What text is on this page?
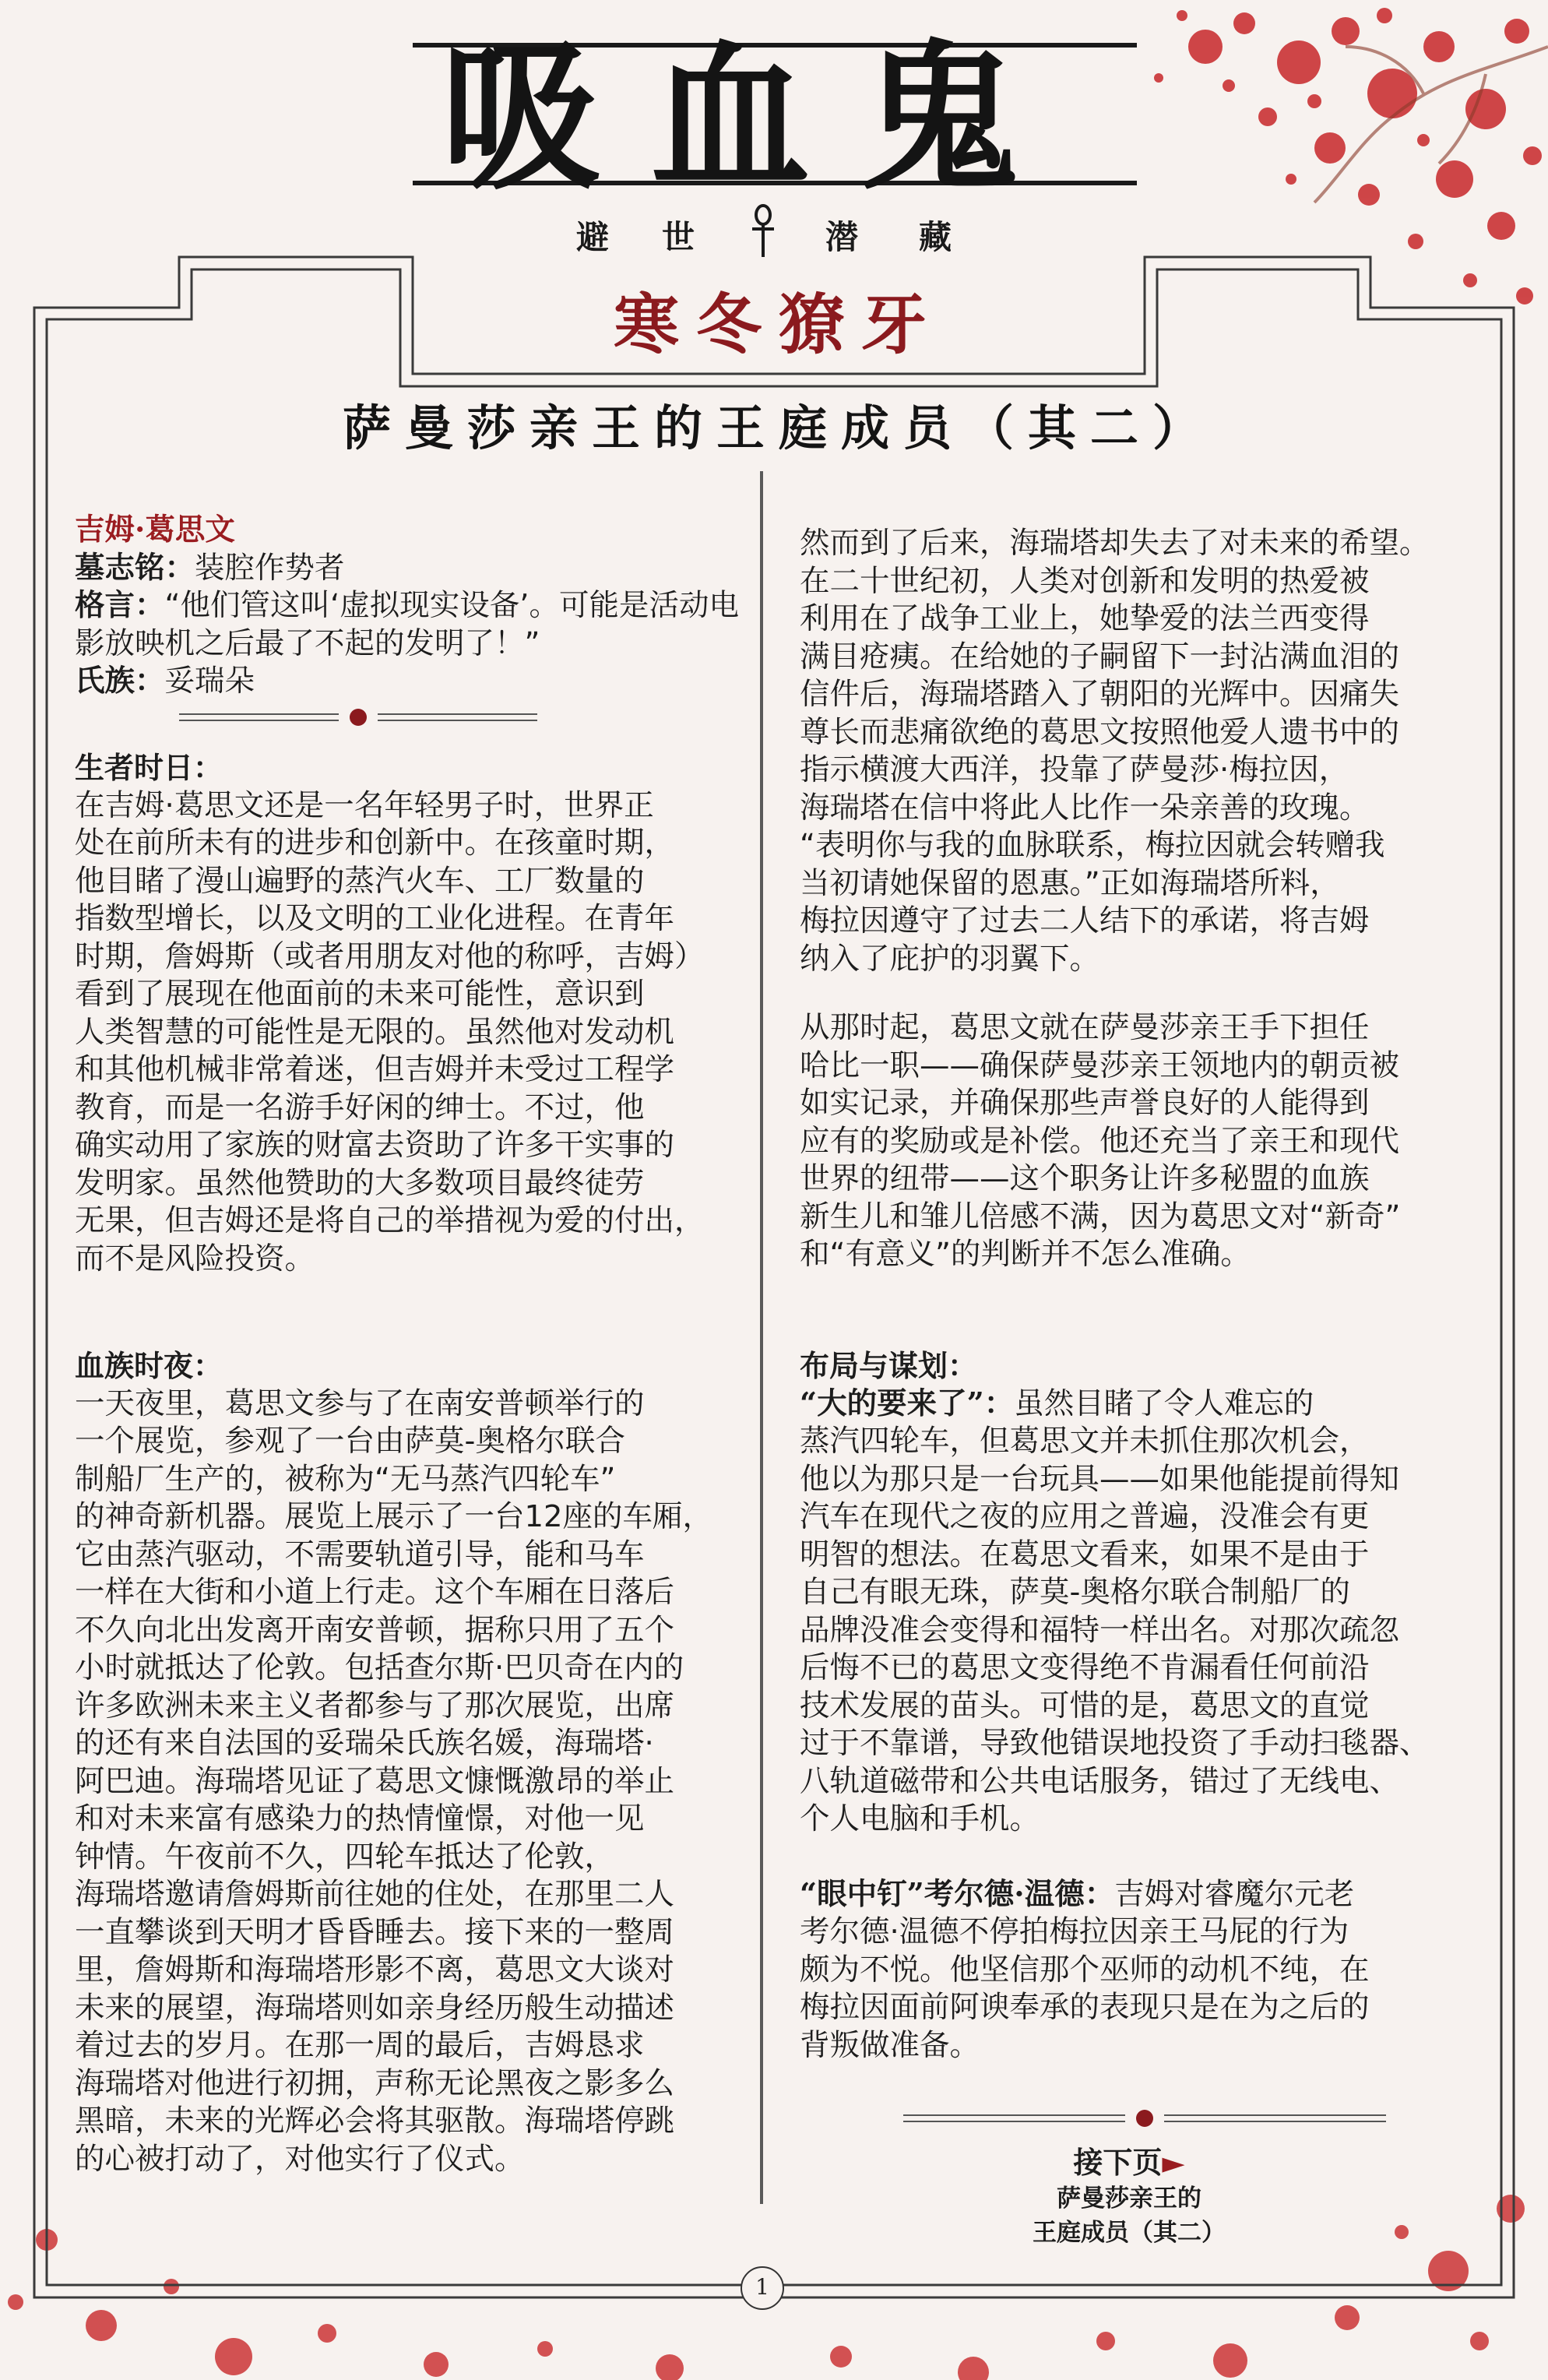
吸血鬼
避 世	潜 藏
寒冬獠牙
萨曼莎亲王的王庭成员（其二）

吉姆·葛思文

墓志铭：装腔作势者

格言：“他们管这叫‘虚拟现实设备’。可能是活动电影放映机之后最了不起的发明了！”

氏族：妥瑞朵

生者时日：

在吉姆·葛思文还是一名年轻男子时，世界正

处在前所未有的进步和创新中。在孩童时期，

他目睹了漫山遍野的蒸汽火车、工厂数量的

指数型增长，以及文明的工业化进程。在青年

时期，詹姆斯（或者用朋友对他的称呼，吉姆）

看到了展现在他面前的未来可能性，意识到

人类智慧的可能性是无限的。虽然他对发动机

和其他机械非常着迷，但吉姆并未受过工程学

教育，而是一名游手好闲的绅士。不过，他

确实动用了家族的财富去资助了许多干实事的

发明家。虽然他赞助的大多数项目最终徒劳

无果，但吉姆还是将自己的举措视为爱的付出，

而不是风险投资。

血族时夜：

一天夜里，葛思文参与了在南安普顿举行的

一个展览，参观了一台由萨莫-奥格尔联合

制船厂生产的，被称为“无马蒸汽四轮车”

的神奇新机器。展览上展示了一台12座的车厢，

它由蒸汽驱动，不需要轨道引导，能和马车

一样在大街和小道上行走。这个车厢在日落后

不久向北出发离开南安普顿，据称只用了五个

小时就抵达了伦敦。包括查尔斯·巴贝奇在内的

许多欧洲未来主义者都参与了那次展览，出席

的还有来自法国的妥瑞朵氏族名媛，海瑞塔·

阿巴迪。海瑞塔见证了葛思文慷慨激昂的举止

和对未来富有感染力的热情憧憬，对他一见

钟情。午夜前不久，四轮车抵达了伦敦，

海瑞塔邀请詹姆斯前往她的住处，在那里二人

一直攀谈到天明才昏昏睡去。接下来的一整周

里，詹姆斯和海瑞塔形影不离，葛思文大谈对

未来的展望，海瑞塔则如亲身经历般生动描述

着过去的岁月。在那一周的最后，吉姆恳求

海瑞塔对他进行初拥，声称无论黑夜之影多么

黑暗，未来的光辉必会将其驱散。海瑞塔停跳

的心被打动了，对他实行了仪式。

然而到了后来，海瑞塔却失去了对未来的希望。

在二十世纪初，人类对创新和发明的热爱被

利用在了战争工业上，她挚爱的法兰西变得

满目疮痍。在给她的子嗣留下一封沾满血泪的

信件后，海瑞塔踏入了朝阳的光辉中。因痛失

尊长而悲痛欲绝的葛思文按照他爱人遗书中的

指示横渡大西洋，投靠了萨曼莎·梅拉因，

海瑞塔在信中将此人比作一朵亲善的玫瑰。

“表明你与我的血脉联系，梅拉因就会转赠我

当初请她保留的恩惠。”正如海瑞塔所料，

梅拉因遵守了过去二人结下的承诺，将吉姆

纳入了庇护的羽翼下。

从那时起，葛思文就在萨曼莎亲王手下担任

哈比一职——确保萨曼莎亲王领地内的朝贡被

如实记录，并确保那些声誉良好的人能得到

应有的奖励或是补偿。他还充当了亲王和现代

世界的纽带——这个职务让许多秘盟的血族

新生儿和雏儿倍感不满，因为葛思文对“新奇”

和“有意义”的判断并不怎么准确。

布局与谋划：

“大的要来了”：虽然目睹了令人难忘的

蒸汽四轮车，但葛思文并未抓住那次机会，

他以为那只是一台玩具——如果他能提前得知

汽车在现代之夜的应用之普遍，没准会有更

明智的想法。在葛思文看来，如果不是由于

自己有眼无珠，萨莫-奥格尔联合制船厂的

品牌没准会变得和福特一样出名。对那次疏忽

后悔不已的葛思文变得绝不肯漏看任何前沿

技术发展的苗头。可惜的是，葛思文的直觉

过于不靠谱，导致他错误地投资了手动扫毯器、

八轨道磁带和公共电话服务，错过了无线电、

个人电脑和手机。

“眼中钉”考尔德·温德：吉姆对睿魔尔元老

考尔德·温德不停拍梅拉因亲王马屁的行为

颇为不悦。他坚信那个巫师的动机不纯，在

梅拉因面前阿谀奉承的表现只是在为之后的

背叛做准备。

接下页►
萨曼莎亲王的
王庭成员（其二）
1
